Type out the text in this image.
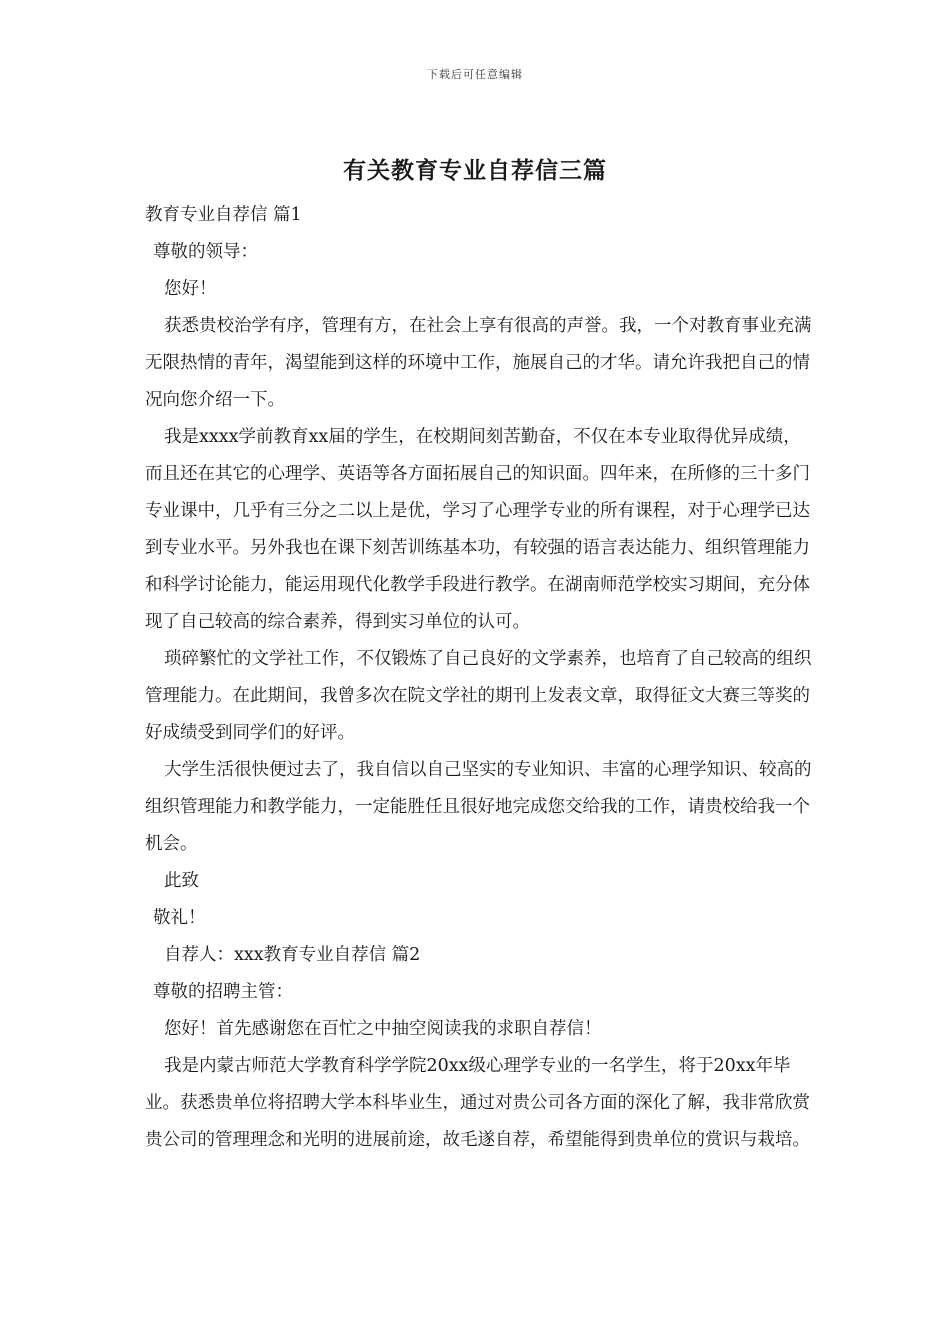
下载后可任意编辑
有关教育专业自荐信三篇

教育专业自荐信 篇1

尊敬的领导：

您好！

获悉贵校治学有序，管理有方，在社会上享有很高的声誉。我，一个对教育事业充满无限热情的青年，渴望能到这样的环境中工作，施展自己的才华。请允许我把自己的情况向您介绍一下。

我是xxxx学前教育xx届的学生，在校期间刻苦勤奋，不仅在本专业取得优异成绩，而且还在其它的心理学、英语等各方面拓展自己的知识面。四年来，在所修的三十多门专业课中，几乎有三分之二以上是优，学习了心理学专业的所有课程，对于心理学已达到专业水平。另外我也在课下刻苦训练基本功，有较强的语言表达能力、组织管理能力和科学讨论能力，能运用现代化教学手段进行教学。在湖南师范学校实习期间，充分体现了自己较高的综合素养，得到实习单位的认可。

琐碎繁忙的文学社工作，不仅锻炼了自己良好的文学素养，也培育了自己较高的组织管理能力。在此期间，我曾多次在院文学社的期刊上发表文章，取得征文大赛三等奖的好成绩受到同学们的好评。

大学生活很快便过去了，我自信以自己坚实的专业知识、丰富的心理学知识、较高的组织管理能力和教学能力，一定能胜任且很好地完成您交给我的工作，请贵校给我一个机会。

此致

敬礼！

自荐人：xxx教育专业自荐信 篇2

尊敬的招聘主管：

您好！首先感谢您在百忙之中抽空阅读我的求职自荐信！

我是内蒙古师范大学教育科学学院20xx级心理学专业的一名学生，将于20xx年毕业。获悉贵单位将招聘大学本科毕业生，通过对贵公司各方面的深化了解，我非常欣赏贵公司的管理理念和光明的进展前途，故毛遂自荐，希望能得到贵单位的赏识与栽培。
